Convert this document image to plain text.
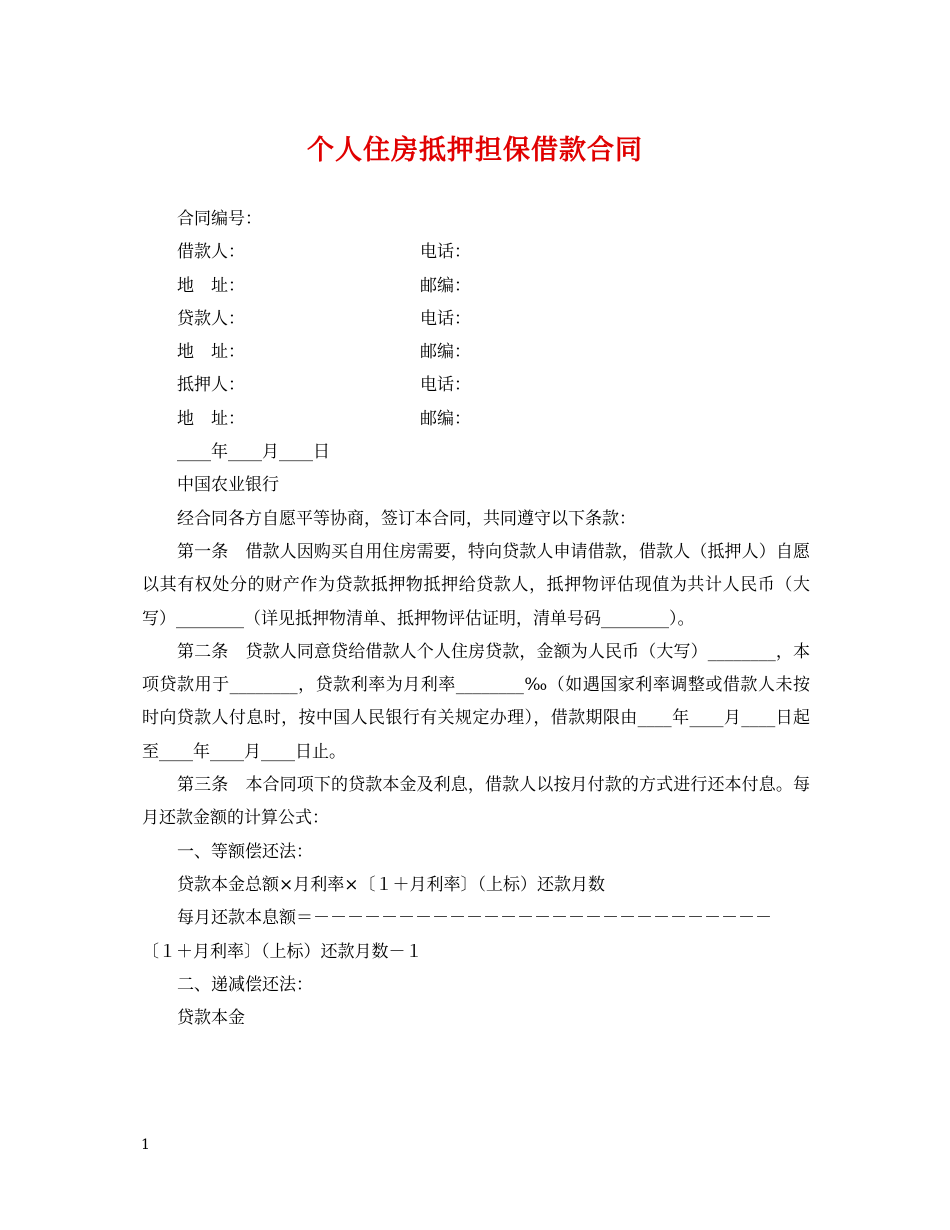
个人住房抵押担保借款合同
合同编号：
借款人：	电话：
地　址：	邮编：
贷款人：	电话：
地　址：	邮编：
抵押人：	电话：
地　址：	邮编：
____年____月____日
中国农业银行
经合同各方自愿平等协商，签订本合同，共同遵守以下条款：
第一条　借款人因购买自用住房需要，特向贷款人申请借款，借款人（抵押人）自愿以其有权处分的财产作为贷款抵押物抵押给贷款人，抵押物评估现值为共计人民币（大写）________（详见抵押物清单、抵押物评估证明，清单号码________）。
第二条　贷款人同意贷给借款人个人住房贷款，金额为人民币（大写）________，本项贷款用于________，贷款利率为月利率________‰（如遇国家利率调整或借款人未按时向贷款人付息时，按中国人民银行有关规定办理），借款期限由____年____月____日起至____年____月____日止。
第三条　本合同项下的贷款本金及利息，借款人以按月付款的方式进行还本付息。每月还款金额的计算公式：
一、等额偿还法：
贷款本金总额×月利率×〔１＋月利率〕（上标）还款月数
每月还款本息额＝－－－－－－－－－－－－－－－－－－－－－－－－－－－
〔１＋月利率〕（上标）还款月数－１
二、递减偿还法：
贷款本金
1
